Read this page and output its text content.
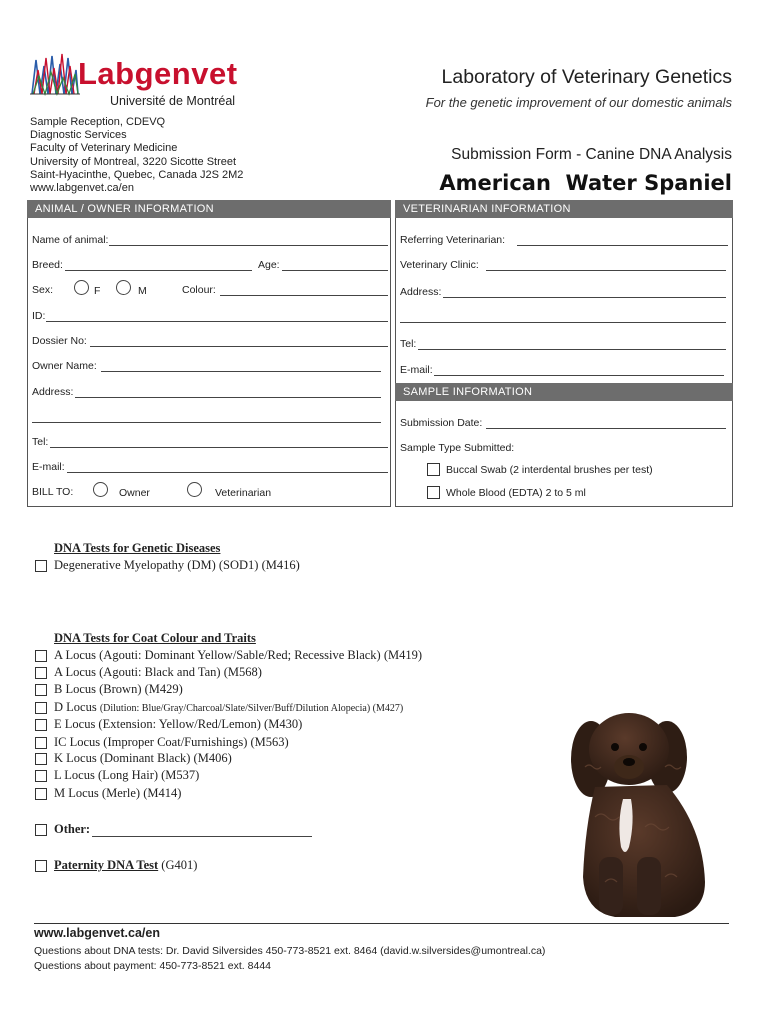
Labgenvet
Université de Montréal
Laboratory of Veterinary Genetics
For the genetic improvement of our domestic animals
Submission Form - Canine DNA Analysis
American  Water Spaniel
Sample Reception, CDEVQ
Diagnostic Services
Faculty of Veterinary Medicine
University of Montreal, 3220 Sicotte Street
Saint-Hyacinthe, Quebec, Canada J2S 2M2
www.labgenvet.ca/en
ANIMAL / OWNER INFORMATION
Name of animal:
Breed:	Age:
Sex:	F	M	Colour:
ID:
Dossier No:
Owner Name:
Address:
Tel:
E-mail:
BILL TO:	Owner	Veterinarian
VETERINARIAN INFORMATION
Referring Veterinarian:
Veterinary Clinic:
Address:
Tel:
E-mail:
SAMPLE INFORMATION
Submission Date:
Sample Type Submitted:
Buccal Swab (2 interdental brushes per test)
Whole Blood (EDTA) 2 to 5 ml
DNA Tests for Genetic Diseases
Degenerative Myelopathy (DM) (SOD1) (M416)
DNA Tests for Coat Colour and Traits
A Locus (Agouti: Dominant Yellow/Sable/Red; Recessive Black) (M419)
A Locus (Agouti: Black and Tan) (M568)
B Locus (Brown) (M429)
D Locus (Dilution: Blue/Gray/Charcoal/Slate/Silver/Buff/Dilution Alopecia) (M427)
E Locus (Extension: Yellow/Red/Lemon) (M430)
IC Locus (Improper Coat/Furnishings) (M563)
K Locus (Dominant Black) (M406)
L Locus (Long Hair) (M537)
M Locus (Merle) (M414)
Other:
Paternity DNA Test (G401)
www.labgenvet.ca/en
Questions about DNA tests: Dr. David Silversides 450-773-8521 ext. 8464 (david.w.silversides@umontreal.ca)
Questions about payment: 450-773-8521 ext. 8444
